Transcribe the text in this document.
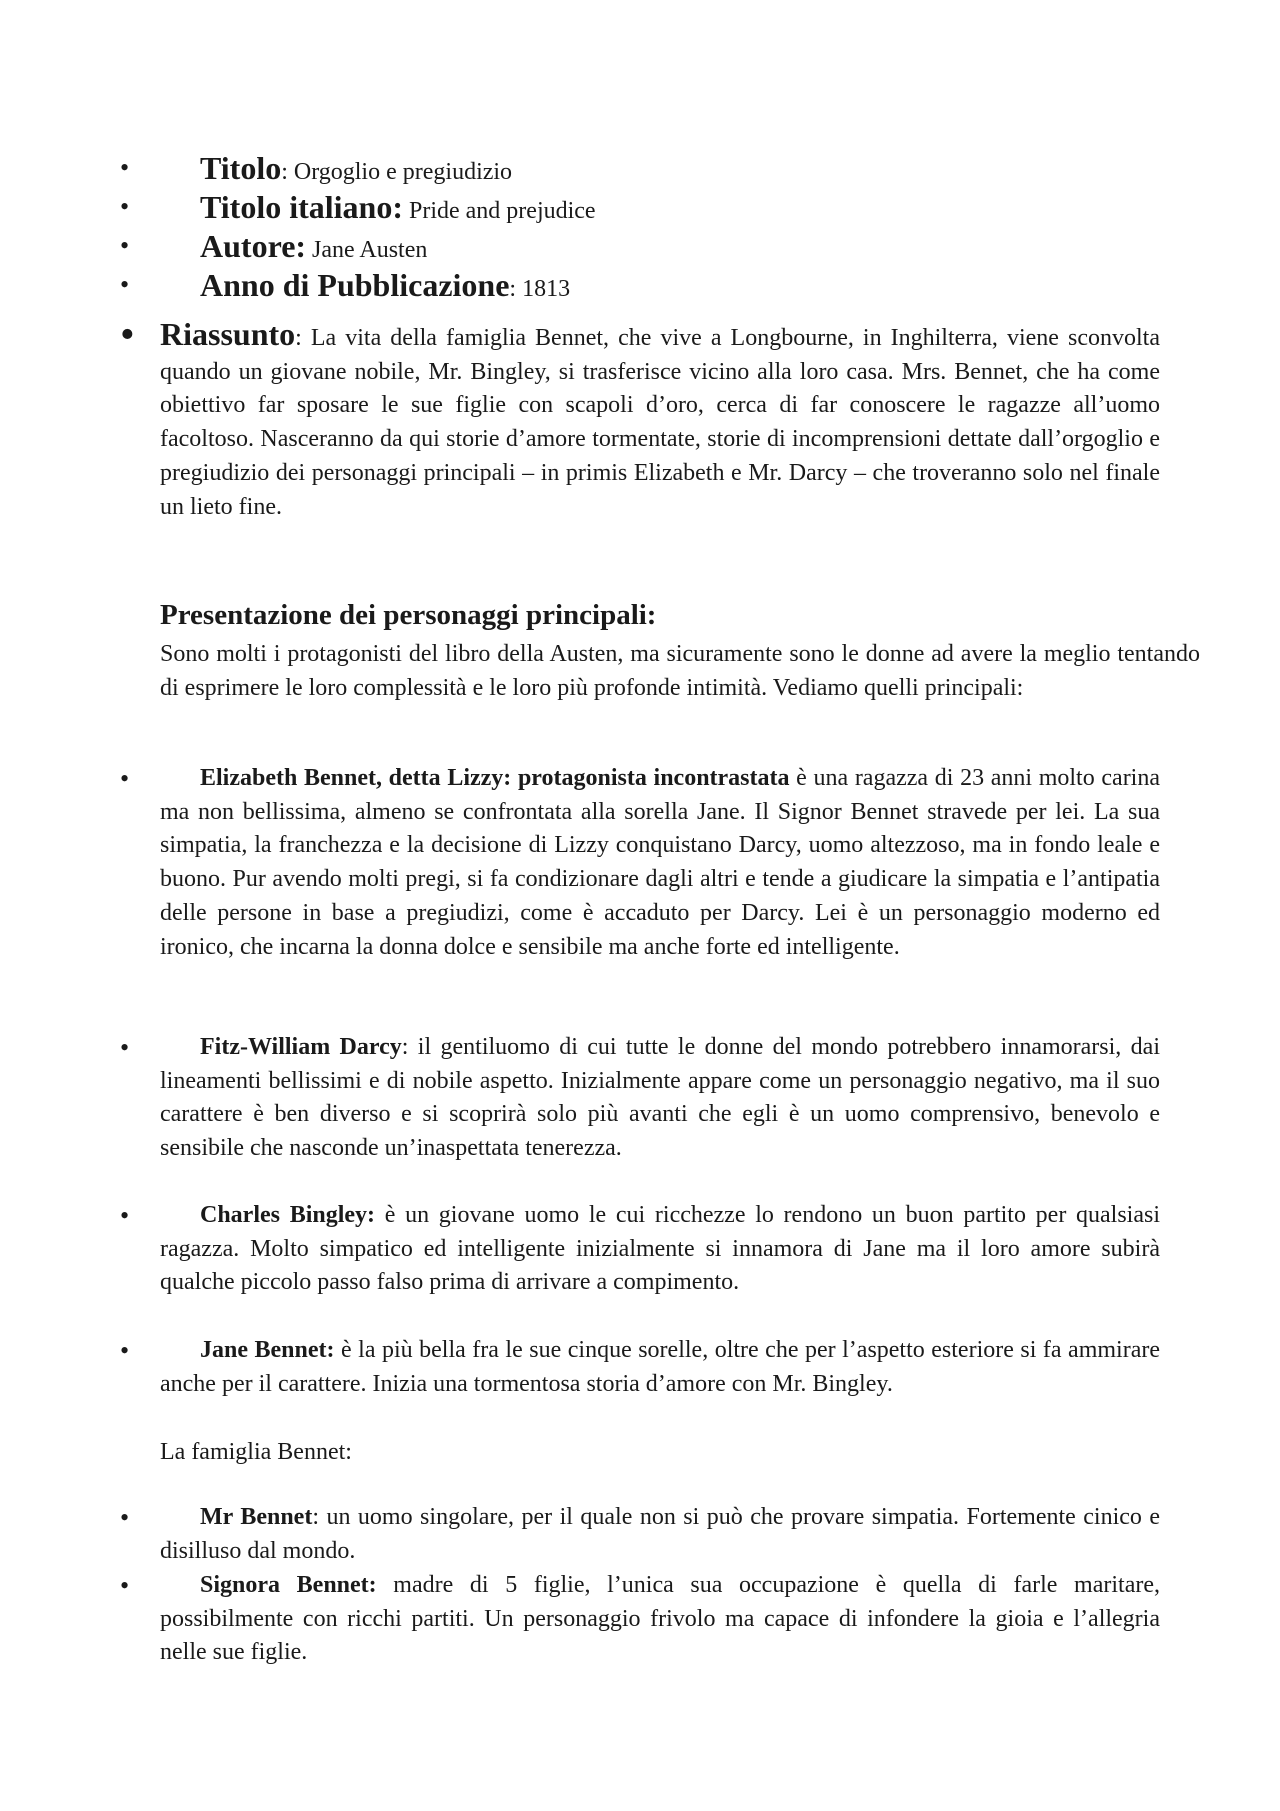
• Titolo: Orgoglio e pregiudizio
• Titolo italiano: Pride and prejudice
• Autore: Jane Austen
• Anno di Pubblicazione: 1813
• Riassunto: La vita della famiglia Bennet, che vive a Longbourne, in Inghilterra, viene sconvolta quando un giovane nobile, Mr. Bingley, si trasferisce vicino alla loro casa. Mrs. Bennet, che ha come obiettivo far sposare le sue figlie con scapoli d’oro, cerca di far conoscere le ragazze all’uomo facoltoso. Nasceranno da qui storie d’amore tormentate, storie di incomprensioni dettate dall’orgoglio e pregiudizio dei personaggi principali – in primis Elizabeth e Mr. Darcy – che troveranno solo nel finale un lieto fine.
Presentazione dei personaggi principali:
Sono molti i protagonisti del libro della Austen, ma sicuramente sono le donne ad avere la meglio tentando di esprimere le loro complessità e le loro più profonde intimità. Vediamo quelli principali:
•	Elizabeth Bennet, detta Lizzy: protagonista incontrastata è una ragazza di 23 anni molto carina ma non bellissima, almeno se confrontata alla sorella Jane. Il Signor Bennet stravede per lei. La sua simpatia, la franchezza e la decisione di Lizzy conquistano Darcy, uomo altezzoso, ma in fondo leale e buono. Pur avendo molti pregi, si fa condizionare dagli altri e tende a giudicare la simpatia e l’antipatia delle persone in base a pregiudizi, come è accaduto per Darcy. Lei è un personaggio moderno ed ironico, che incarna la donna dolce e sensibile ma anche forte ed intelligente.
•	Fitz-William Darcy: il gentiluomo di cui tutte le donne del mondo potrebbero innamorarsi, dai lineamenti bellissimi e di nobile aspetto. Inizialmente appare come un personaggio negativo, ma il suo carattere è ben diverso e si scoprirà solo più avanti che egli è un uomo comprensivo, benevolo e sensibile che nasconde un’inaspettata tenerezza.
•	Charles Bingley: è un giovane uomo le cui ricchezze lo rendono un buon partito per qualsiasi ragazza. Molto simpatico ed intelligente inizialmente si innamora di Jane ma il loro amore subirà qualche piccolo passo falso prima di arrivare a compimento.
•	Jane Bennet: è la più bella fra le sue cinque sorelle, oltre che per l’aspetto esteriore si fa ammirare anche per il carattere. Inizia una tormentosa storia d’amore con Mr. Bingley.
La famiglia Bennet:
•	Mr Bennet: un uomo singolare, per il quale non si può che provare simpatia. Fortemente cinico e disilluso dal mondo.
•	Signora Bennet: madre di 5 figlie, l’unica sua occupazione è quella di farle maritare, possibilmente con ricchi partiti. Un personaggio frivolo ma capace di infondere la gioia e l’allegria nelle sue figlie.
